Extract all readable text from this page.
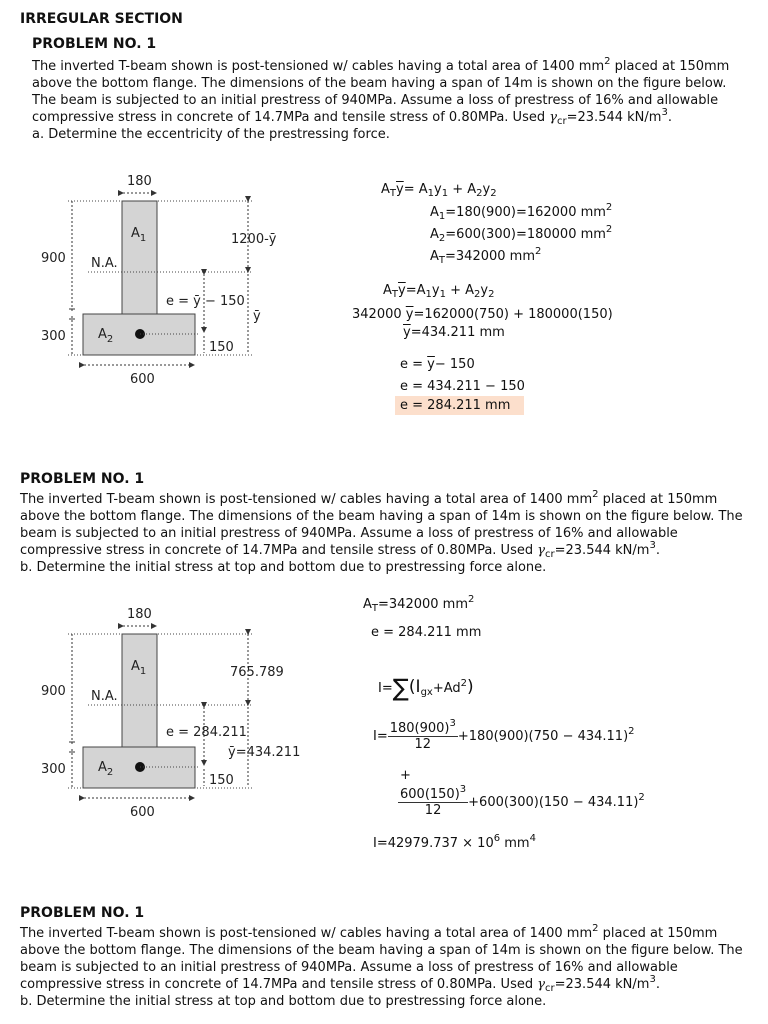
IRREGULAR SECTION
PROBLEM NO. 1
The inverted T-beam shown is post-tensioned w/ cables having a total area of 1400 $mm^2$ placed at 150mm above the bottom flange. The dimensions of the beam having a span of 14m is shown on the figure below. The beam is subjected to an initial prestress of 940MPa. Assume a loss of prestress of 16% and allowable compressive stress in concrete of 14.7MPa and tensile stress of 0.80MPa. Used $\gamma_{cr}=23.544$ $kN/m^3$.
a. Determine the eccentricity of the prestressing force.
PROBLEM NO. 1
The inverted T-beam shown is post-tensioned w/ cables having a total area of 1400 $mm^2$ placed at 150mm above the bottom flange. The dimensions of the beam having a span of 14m is shown on the figure below. The beam is subjected to an initial prestress of 940MPa. Assume a loss of prestress of 16% and allowable compressive stress in concrete of 14.7MPa and tensile stress of 0.80MPa. Used $\gamma_{cr}=23.544$ $kN/m^3$.
b. Determine the initial stress at top and bottom due to prestressing force alone.
PROBLEM NO. 1
The inverted T-beam shown is post-tensioned w/ cables having a total area of 1400 $mm^2$ placed at 150mm above the bottom flange. The dimensions of the beam having a span of 14m is shown on the figure below. The beam is subjected to an initial prestress of 940MPa. Assume a loss of prestress of 16% and allowable compressive stress in concrete of 14.7MPa and tensile stress of 0.80MPa. Used $\gamma_{cr}=23.544$ $kN/m^3$.
b. Determine the initial stress at top and bottom due to prestressing force alone.
180
$A_1$
$A_2$
N.A.
900
300
1200-ȳ
ȳ
e = ȳ − 150
150
600
$A_T\overline{y}= A_1y_1 + A_2y_2$
$A_1=180(900)=162000$ $mm^2$
$A_2=600(300)=180000$ $mm^2$
$A_T=342000$ $mm^2$
$A_T\overline{y}=A_1y_1 + A_2y_2$
342000 $\overline{y}=162000(750) + 180000(150)$
$\overline{y}=434.211$ mm
$e = \overline{y}- 150$
e = 434.211 − 150
e = 284.211 mm
180
$A_1$
$A_2$
N.A.
900
300
765.789
ȳ=434.211
e = 284.211
150
600
$A_T=342000$ $mm^2$
e = 284.211 mm
$I=\sum(I_{gx}+Ad^2)$
$I= \frac{180(900)^3}{12} +180(900)(750 - 434.11)^2$
+
$\frac{600(150)^3}{12} +600(300)(150 - 434.11)^2$
$I=42979.737 \times 10^6$ $mm^4$
